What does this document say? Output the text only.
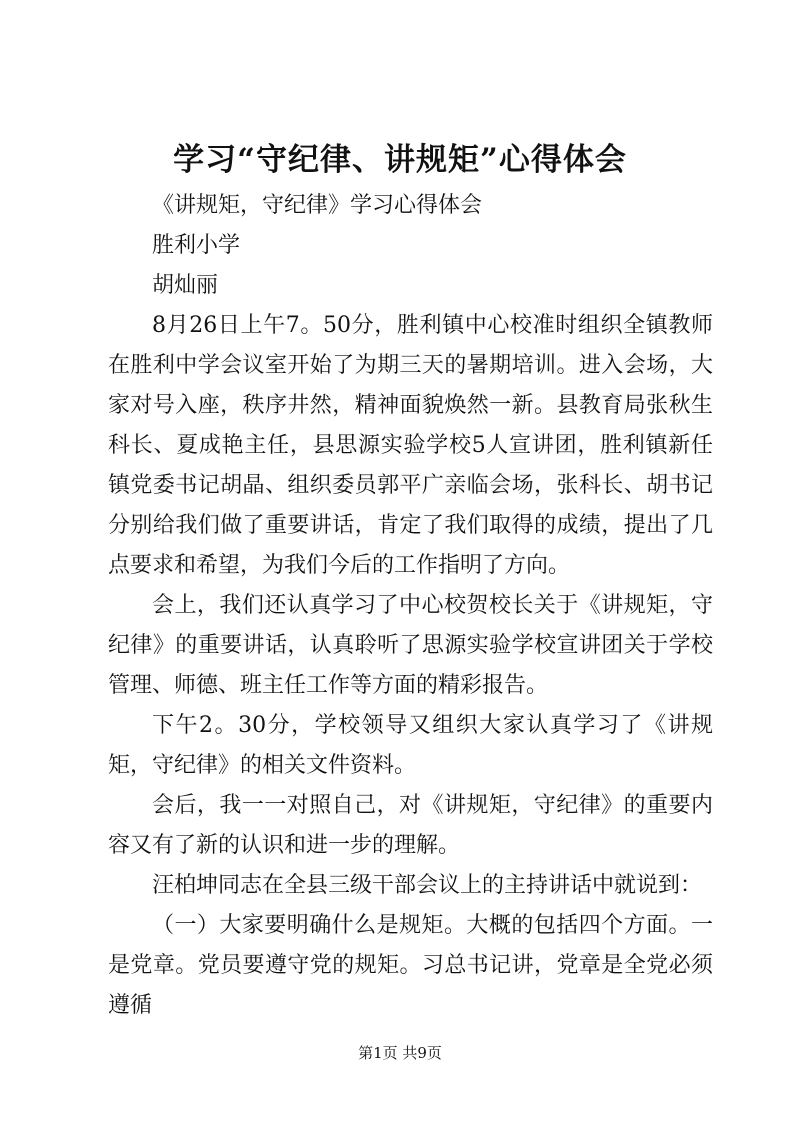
学习“守纪律、讲规矩”心得体会

《讲规矩，守纪律》学习心得体会

胜利小学

胡灿丽

8月26日上午7。50分，胜利镇中心校准时组织全镇教师在胜利中学会议室开始了为期三天的暑期培训。进入会场，大家对号入座，秩序井然，精神面貌焕然一新。县教育局张秋生科长、夏成艳主任，县思源实验学校5人宣讲团，胜利镇新任镇党委书记胡晶、组织委员郭平广亲临会场，张科长、胡书记分别给我们做了重要讲话，肯定了我们取得的成绩，提出了几点要求和希望，为我们今后的工作指明了方向。

会上，我们还认真学习了中心校贺校长关于《讲规矩，守纪律》的重要讲话，认真聆听了思源实验学校宣讲团关于学校管理、师德、班主任工作等方面的精彩报告。

下午2。30分，学校领导又组织大家认真学习了《讲规矩，守纪律》的相关文件资料。

会后，我一一对照自己，对《讲规矩，守纪律》的重要内容又有了新的认识和进一步的理解。

汪柏坤同志在全县三级干部会议上的主持讲话中就说到：

（一）大家要明确什么是规矩。大概的包括四个方面。一是党章。党员要遵守党的规矩。习总书记讲，党章是全党必须遵循

第1页 共9页
